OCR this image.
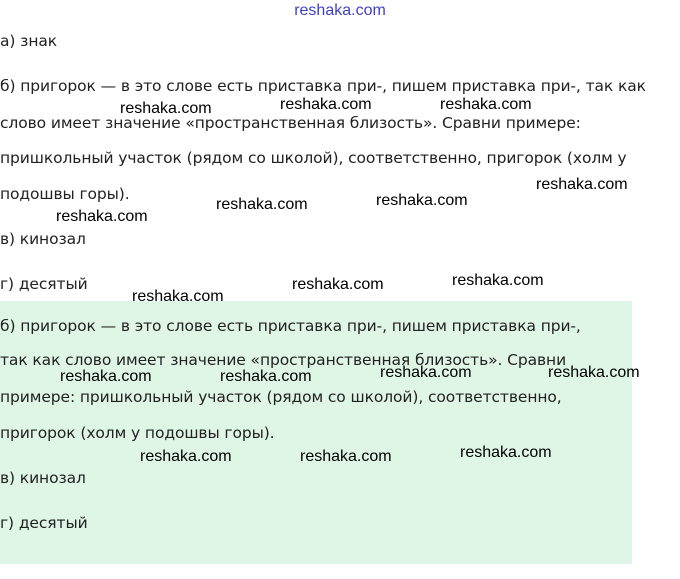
reshaka.com
а) знак
б) пригорок — в это слове есть приставка при-, пишем приставка при-, так как
слово имеет значение «пространственная близость». Сравни примере:
пришкольный участок (рядом со школой), соответственно, пригорок (холм у
подошвы горы).
в) кинозал
г) десятый
б) пригорок — в это слове есть приставка при-, пишем приставка при-,
так как слово имеет значение «пространственная близость». Сравни
примере: пришкольный участок (рядом со школой), соответственно,
пригорок (холм у подошвы горы).
в) кинозал
г) десятый
reshaka.com	reshaka.com	reshaka.com
reshaka.com
reshaka.com
reshaka.com	reshaka.com
reshaka.com
reshaka.com
reshaka.com
reshaka.com	reshaka.com	reshaka.com	reshaka.com
reshaka.com	reshaka.com	reshaka.com
